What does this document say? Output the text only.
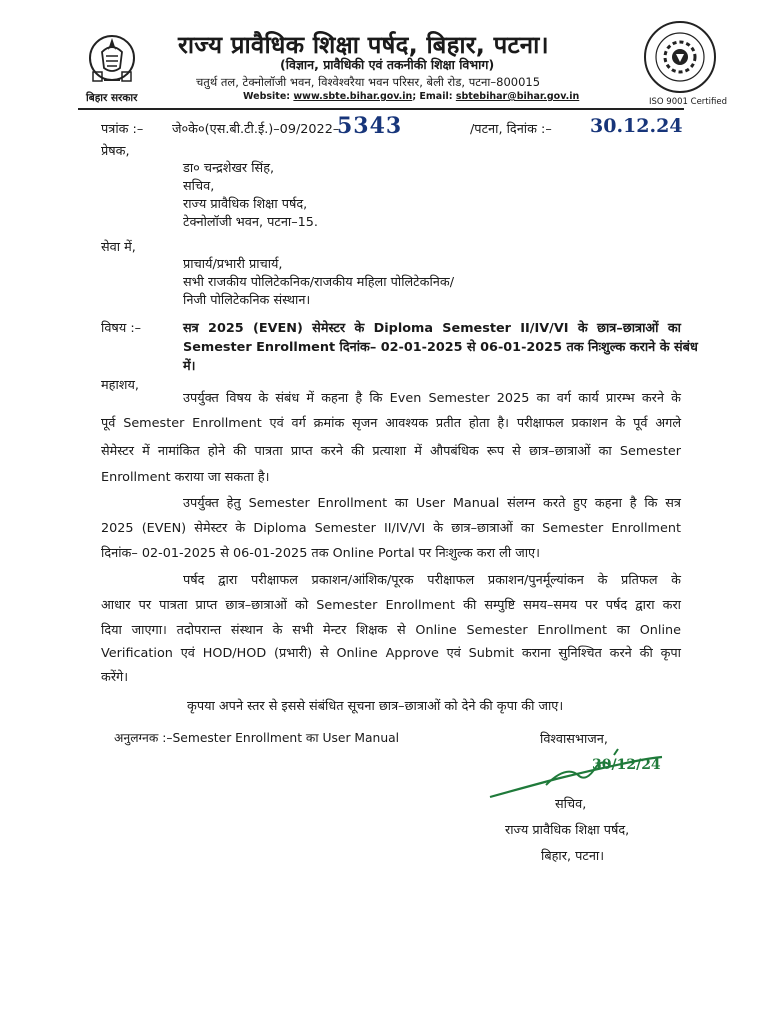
बिहार सरकार
राज्य प्रावैधिक शिक्षा पर्षद, बिहार, पटना।
(विज्ञान, प्रावैधिकी एवं तकनीकी शिक्षा विभाग)
चतुर्थ तल, टेक्नोलॉजी भवन, विश्वेश्वरैया भवन परिसर, बेली रोड, पटना–800015
Website: www.sbte.bihar.gov.in; Email: sbtebihar@bihar.gov.in	ISO 9001 Certified
पत्रांक :– जे०के०(एस.बी.टी.ई.)–09/2022–
5343	/पटना, दिनांक :– 30.12.24
प्रेषक,
डा० चन्द्रशेखर सिंह,
सचिव,
राज्य प्रावैधिक शिक्षा पर्षद,
टेक्नोलॉजी भवन, पटना–15.
सेवा में,
प्राचार्य/प्रभारी प्राचार्य,
सभी राजकीय पोलिटेकनिक/राजकीय महिला पोलिटेकनिक/
निजी पोलिटेकनिक संस्थान।
विषय :–	सत्र 2025 (EVEN) सेमेस्टर के Diploma Semester II/IV/VI के छात्र–छात्राओं का
Semester Enrollment दिनांक– 02-01-2025 से 06-01-2025 तक निःशुल्क कराने के संबंध
में।
महाशय,
उपर्युक्त विषय के संबंध में कहना है कि Even Semester 2025 का वर्ग कार्य प्रारम्भ करने के
पूर्व Semester Enrollment एवं वर्ग क्रमांक सृजन आवश्यक प्रतीत होता है। परीक्षाफल प्रकाशन के पूर्व अगले
सेमेस्टर में नामांकित होने की पात्रता प्राप्त करने की प्रत्याशा में औपबंधिक रूप से छात्र–छात्राओं का Semester
Enrollment कराया जा सकता है।
उपर्युक्त हेतु Semester Enrollment का User Manual संलग्न करते हुए कहना है कि सत्र
2025 (EVEN) सेमेस्टर के Diploma Semester II/IV/VI के छात्र–छात्राओं का Semester Enrollment
दिनांक– 02-01-2025 से 06-01-2025 तक Online Portal पर निःशुल्क करा ली जाए।
पर्षद द्वारा परीक्षाफल प्रकाशन/आंशिक/पूरक परीक्षाफल प्रकाशन/पुनर्मूल्यांकन के प्रतिफल के
आधार पर पात्रता प्राप्त छात्र–छात्राओं को Semester Enrollment की सम्पुष्टि समय–समय पर पर्षद द्वारा करा
दिया जाएगा। तदोपरान्त संस्थान के सभी मेन्टर शिक्षक से Online Semester Enrollment का Online
Verification एवं HOD/HOD (प्रभारी) से Online Approve एवं Submit कराना सुनिश्चित करने की कृपा
करेंगे।
कृपया अपने स्तर से इससे संबंधित सूचना छात्र–छात्राओं को देने की कृपा की जाए।
अनुलग्नक :–Semester Enrollment का User Manual	विश्वासभाजन,
30/12/24
सचिव,
राज्य प्रावैधिक शिक्षा पर्षद,
बिहार, पटना।
